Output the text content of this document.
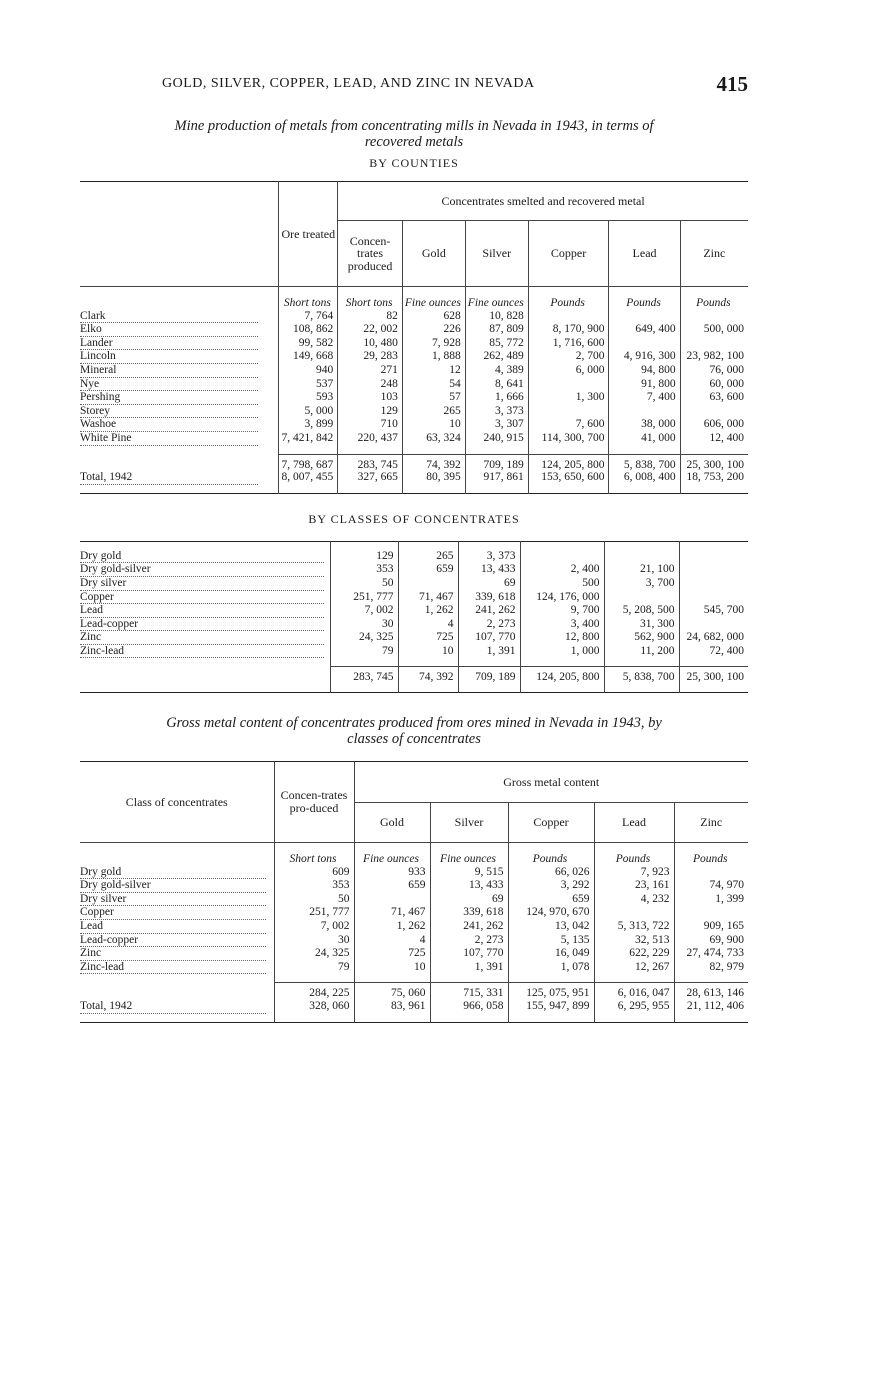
GOLD, SILVER, COPPER, LEAD, AND ZINC IN NEVADA	415
Mine production of metals from concentrating mills in Nevada in 1943, in terms of
recovered metals
BY COUNTIES
	Ore treated	Concentrates smelted and recovered metal					
		Concen-trates produced	Gold	Silver	Copper	Lead	Zinc
	Short tons	Short tons	Fine ounces	Fine ounces	Pounds	Pounds	Pounds
Clark	7, 764	82	628	10, 828			
Elko	108, 862	22, 002	226	87, 809	8, 170, 900	649, 400	500, 000
Lander	99, 582	10, 480	7, 928	85, 772	1, 716, 600		
Lincoln	149, 668	29, 283	1, 888	262, 489	2, 700	4, 916, 300	23, 982, 100
Mineral	940	271	12	4, 389	6, 000	94, 800	76, 000
Nye	537	248	54	8, 641		91, 800	60, 000
Pershing	593	103	57	1, 666	1, 300	7, 400	63, 600
Storey	5, 000	129	265	3, 373			
Washoe	3, 899	710	10	3, 307	7, 600	38, 000	606, 000
White Pine	7, 421, 842	220, 437	63, 324	240, 915	114, 300, 700	41, 000	12, 400

	7, 798, 687	283, 745	74, 392	709, 189	124, 205, 800	5, 838, 700	25, 300, 100
Total, 1942	8, 007, 455	327, 665	80, 395	917, 861	153, 650, 600	6, 008, 400	18, 753, 200

BY CLASSES OF CONCENTRATES

Dry gold	129	265	3, 373			
Dry gold-silver	353	659	13, 433	2, 400	21, 100	
Dry silver	50		69	500	3, 700	
Copper	251, 777	71, 467	339, 618	124, 176, 000		
Lead	7, 002	1, 262	241, 262	9, 700	5, 208, 500	545, 700
Lead-copper	30	4	2, 273	3, 400	31, 300	
Zinc	24, 325	725	107, 770	12, 800	562, 900	24, 682, 000
Zinc-lead	79	10	1, 391	1, 000	11, 200	72, 400

	283, 745	74, 392	709, 189	124, 205, 800	5, 838, 700	25, 300, 100

Gross metal content of concentrates produced from ores mined in Nevada in 1943, by
classes of concentrates
Class of concentrates	Concen-trates pro-duced	Gross metal content				
		Gold	Silver	Copper	Lead	Zinc
	Short tons	Fine ounces	Fine ounces	Pounds	Pounds	Pounds
Dry gold	609	933	9, 515	66, 026	7, 923	
Dry gold-silver	353	659	13, 433	3, 292	23, 161	74, 970
Dry silver	50		69	659	4, 232	1, 399
Copper	251, 777	71, 467	339, 618	124, 970, 670		
Lead	7, 002	1, 262	241, 262	13, 042	5, 313, 722	909, 165
Lead-copper	30	4	2, 273	5, 135	32, 513	69, 900
Zinc	24, 325	725	107, 770	16, 049	622, 229	27, 474, 733
Zinc-lead	79	10	1, 391	1, 078	12, 267	82, 979

	284, 225	75, 060	715, 331	125, 075, 951	6, 016, 047	28, 613, 146
Total, 1942	328, 060	83, 961	966, 058	155, 947, 899	6, 295, 955	21, 112, 406
